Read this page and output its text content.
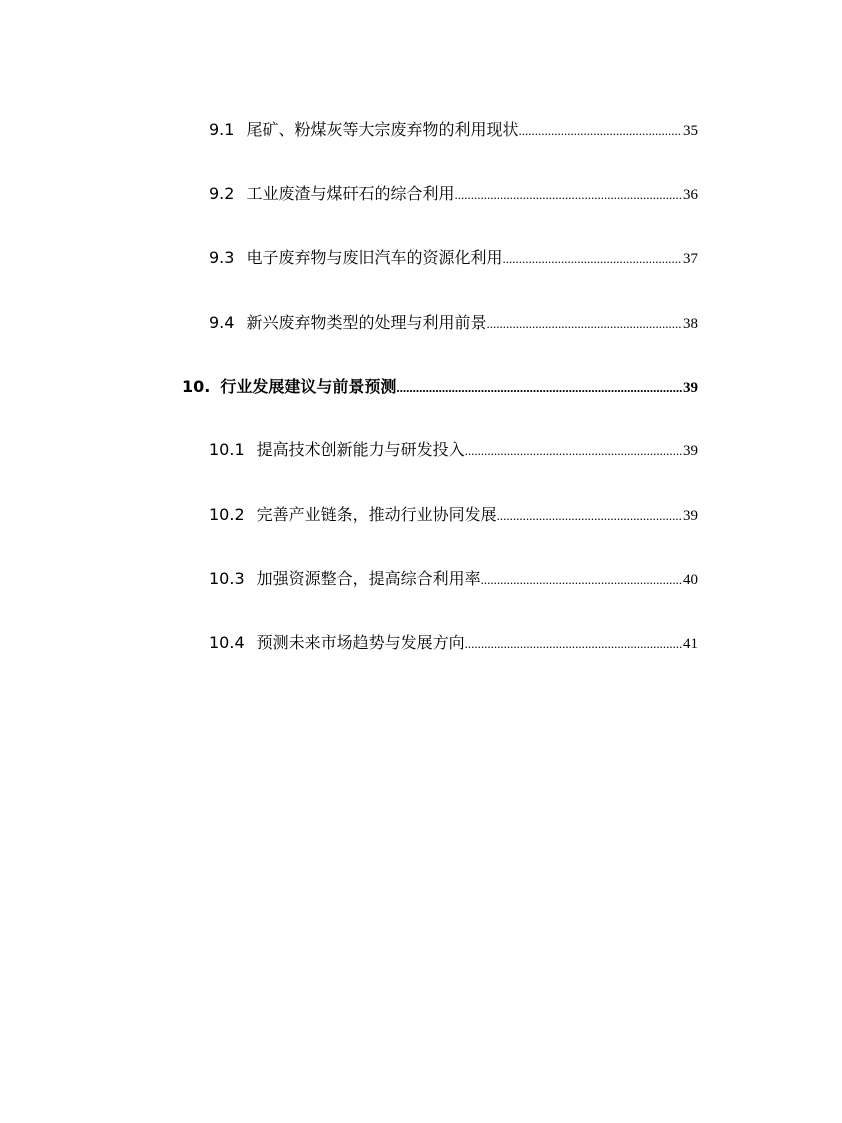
9.1 尾矿、粉煤灰等大宗废弃物的利用现状 .....	35
9.2 工业废渣与煤矸石的综合利用 .....	36
9.3 电子废弃物与废旧汽车的资源化利用 .....	37
9.4 新兴废弃物类型的处理与利用前景 .....	38
10. 行业发展建议与前景预测 .....	39
10.1 提高技术创新能力与研发投入 .....	39
10.2 完善产业链条，推动行业协同发展 .....	39
10.3 加强资源整合，提高综合利用率 .....	40
10.4 预测未来市场趋势与发展方向 .....	41
